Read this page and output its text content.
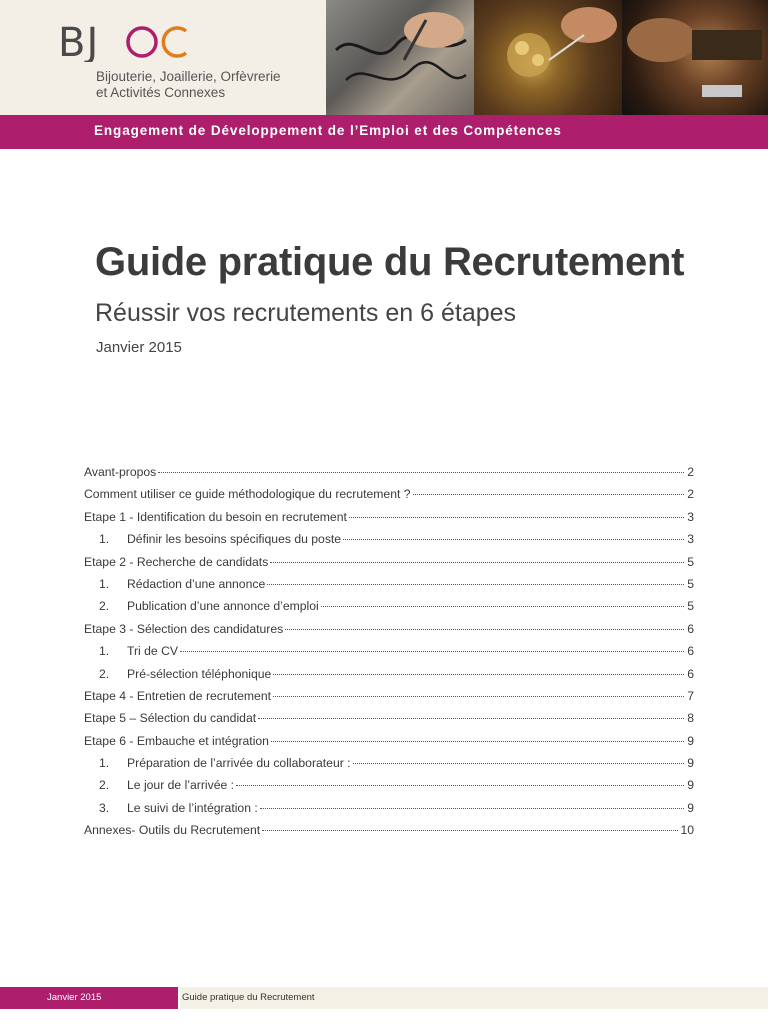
BJ
Bijouterie, Joaillerie, Orfèvrerie
et Activités Connexes
Engagement de Développement de l’Emploi et des Compétences
Guide pratique du Recrutement
Réussir vos recrutements en 6 étapes
Janvier 2015
Avant-propos	2
Comment utiliser ce guide méthodologique du recrutement ?	2
Etape 1 - Identification du besoin en recrutement	3
1.	Définir les besoins spécifiques du poste	3
Etape 2 - Recherche de candidats	5
1.	Rédaction d’une annonce	5
2.	Publication d’une annonce d’emploi	5
Etape 3 - Sélection des candidatures	6
1.	Tri de CV	6
2.	Pré-sélection téléphonique	6
Etape 4 - Entretien de recrutement	7
Etape 5 – Sélection du candidat	8
Etape 6 - Embauche et intégration	9
1.	Préparation de l’arrivée du collaborateur :	9
2.	Le jour de l’arrivée :	9
3.	Le suivi de l’intégration :	9
Annexes- Outils du Recrutement	10
Janvier 2015	Guide pratique du Recrutement
